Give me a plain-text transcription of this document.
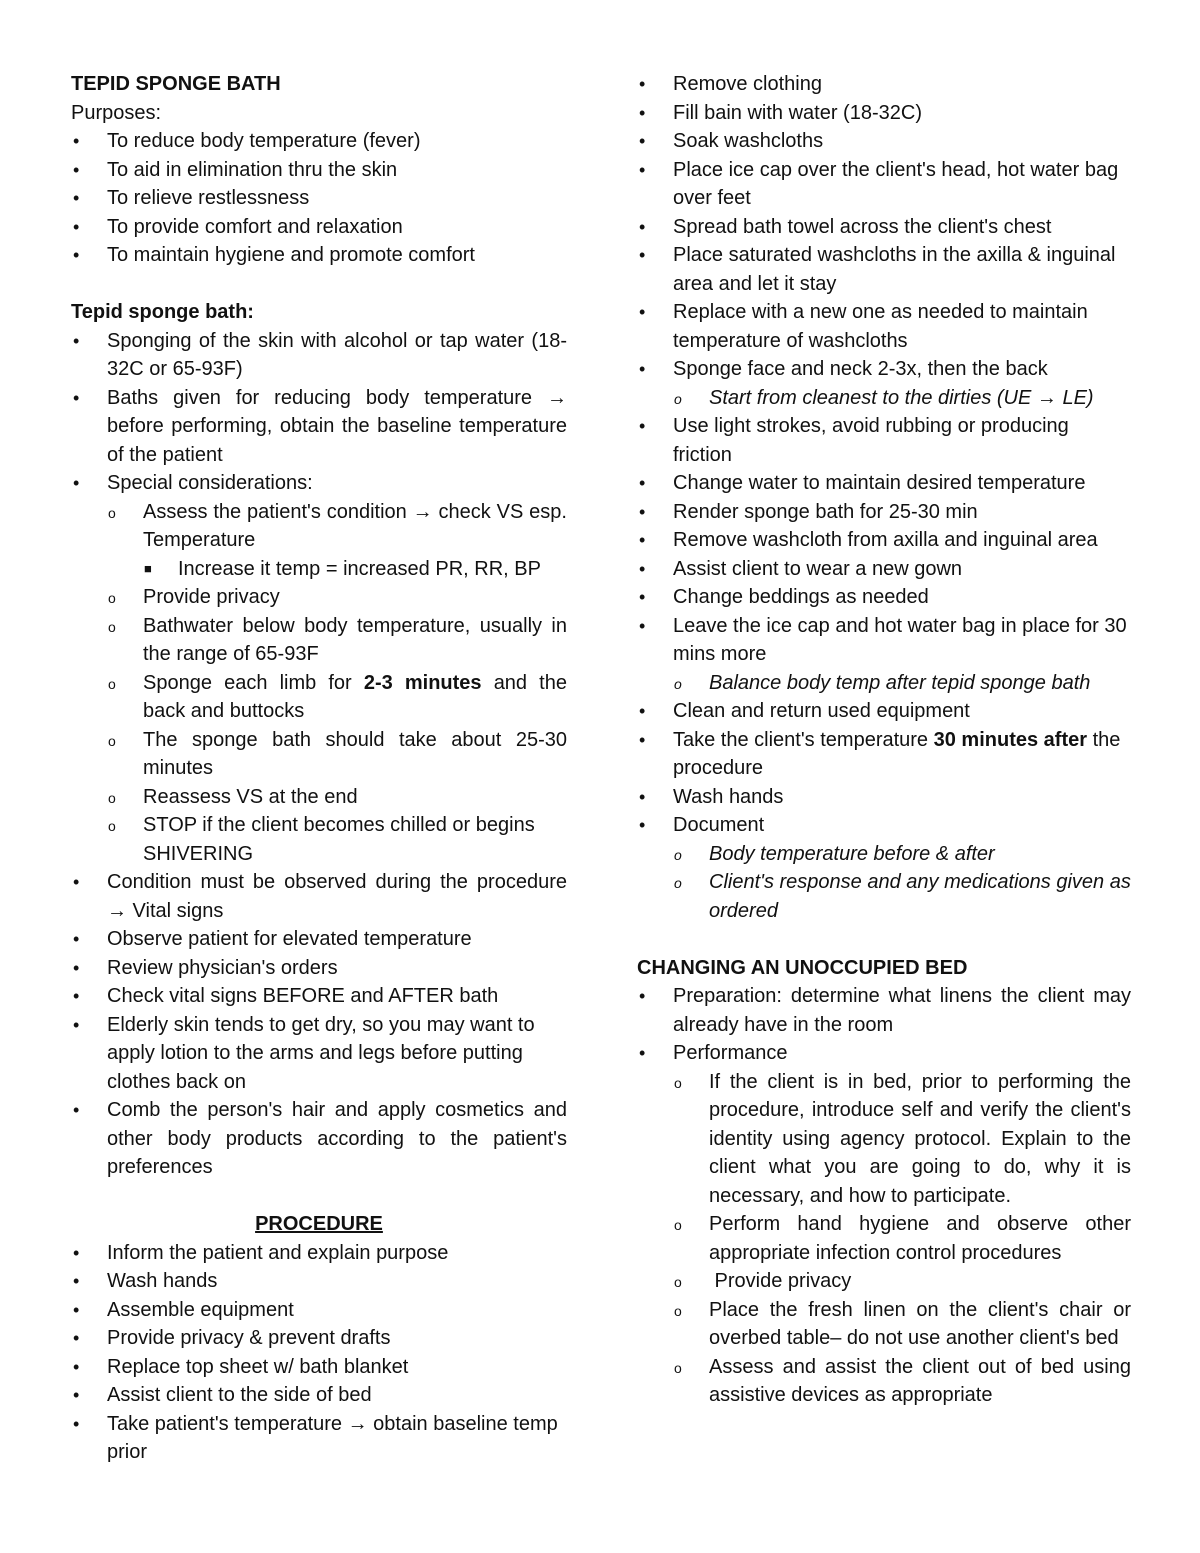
TEPID SPONGE BATH
Purposes:
• To reduce body temperature (fever)
• To aid in elimination thru the skin
• To relieve restlessness
• To provide comfort and relaxation
• To maintain hygiene and promote comfort
Tepid sponge bath:
• Sponging of the skin with alcohol or tap water (18-32C or 65-93F)
• Baths given for reducing body temperature → before performing, obtain the baseline temperature of the patient
• Special considerations:
o Assess the patient's condition → check VS esp. Temperature
■ Increase it temp = increased PR, RR, BP
o Provide privacy
o Bathwater below body temperature, usually in the range of 65-93F
o Sponge each limb for 2-3 minutes and the back and buttocks
o The sponge bath should take about 25-30 minutes
o Reassess VS at the end
o STOP if the client becomes chilled or begins SHIVERING
• Condition must be observed during the procedure → Vital signs
• Observe patient for elevated temperature
• Review physician's orders
• Check vital signs BEFORE and AFTER bath
• Elderly skin tends to get dry, so you may want to apply lotion to the arms and legs before putting clothes back on
• Comb the person's hair and apply cosmetics and other body products according to the patient's preferences
PROCEDURE
• Inform the patient and explain purpose
• Wash hands
• Assemble equipment
• Provide privacy & prevent drafts
• Replace top sheet w/ bath blanket
• Assist client to the side of bed
• Take patient's temperature → obtain baseline temp prior
• Remove clothing
• Fill bain with water (18-32C)
• Soak washcloths
• Place ice cap over the client's head, hot water bag over feet
• Spread bath towel across the client's chest
• Place saturated washcloths in the axilla & inguinal area and let it stay
• Replace with a new one as needed to maintain temperature of washcloths
• Sponge face and neck 2-3x, then the back
o Start from cleanest to the dirties (UE → LE)
• Use light strokes, avoid rubbing or producing friction
• Change water to maintain desired temperature
• Render sponge bath for 25-30 min
• Remove washcloth from axilla and inguinal area
• Assist client to wear a new gown
• Change beddings as needed
• Leave the ice cap and hot water bag in place for 30 mins more
o Balance body temp after tepid sponge bath
• Clean and return used equipment
• Take the client's temperature 30 minutes after the procedure
• Wash hands
• Document
o Body temperature before & after
o Client's response and any medications given as ordered
CHANGING AN UNOCCUPIED BED
• Preparation: determine what linens the client may already have in the room
• Performance
o If the client is in bed, prior to performing the procedure, introduce self and verify the client's identity using agency protocol. Explain to the client what you are going to do, why it is necessary, and how to participate.
o Perform hand hygiene and observe other appropriate infection control procedures
o Provide privacy
o Place the fresh linen on the client's chair or overbed table– do not use another client's bed
o Assess and assist the client out of bed using assistive devices as appropriate
